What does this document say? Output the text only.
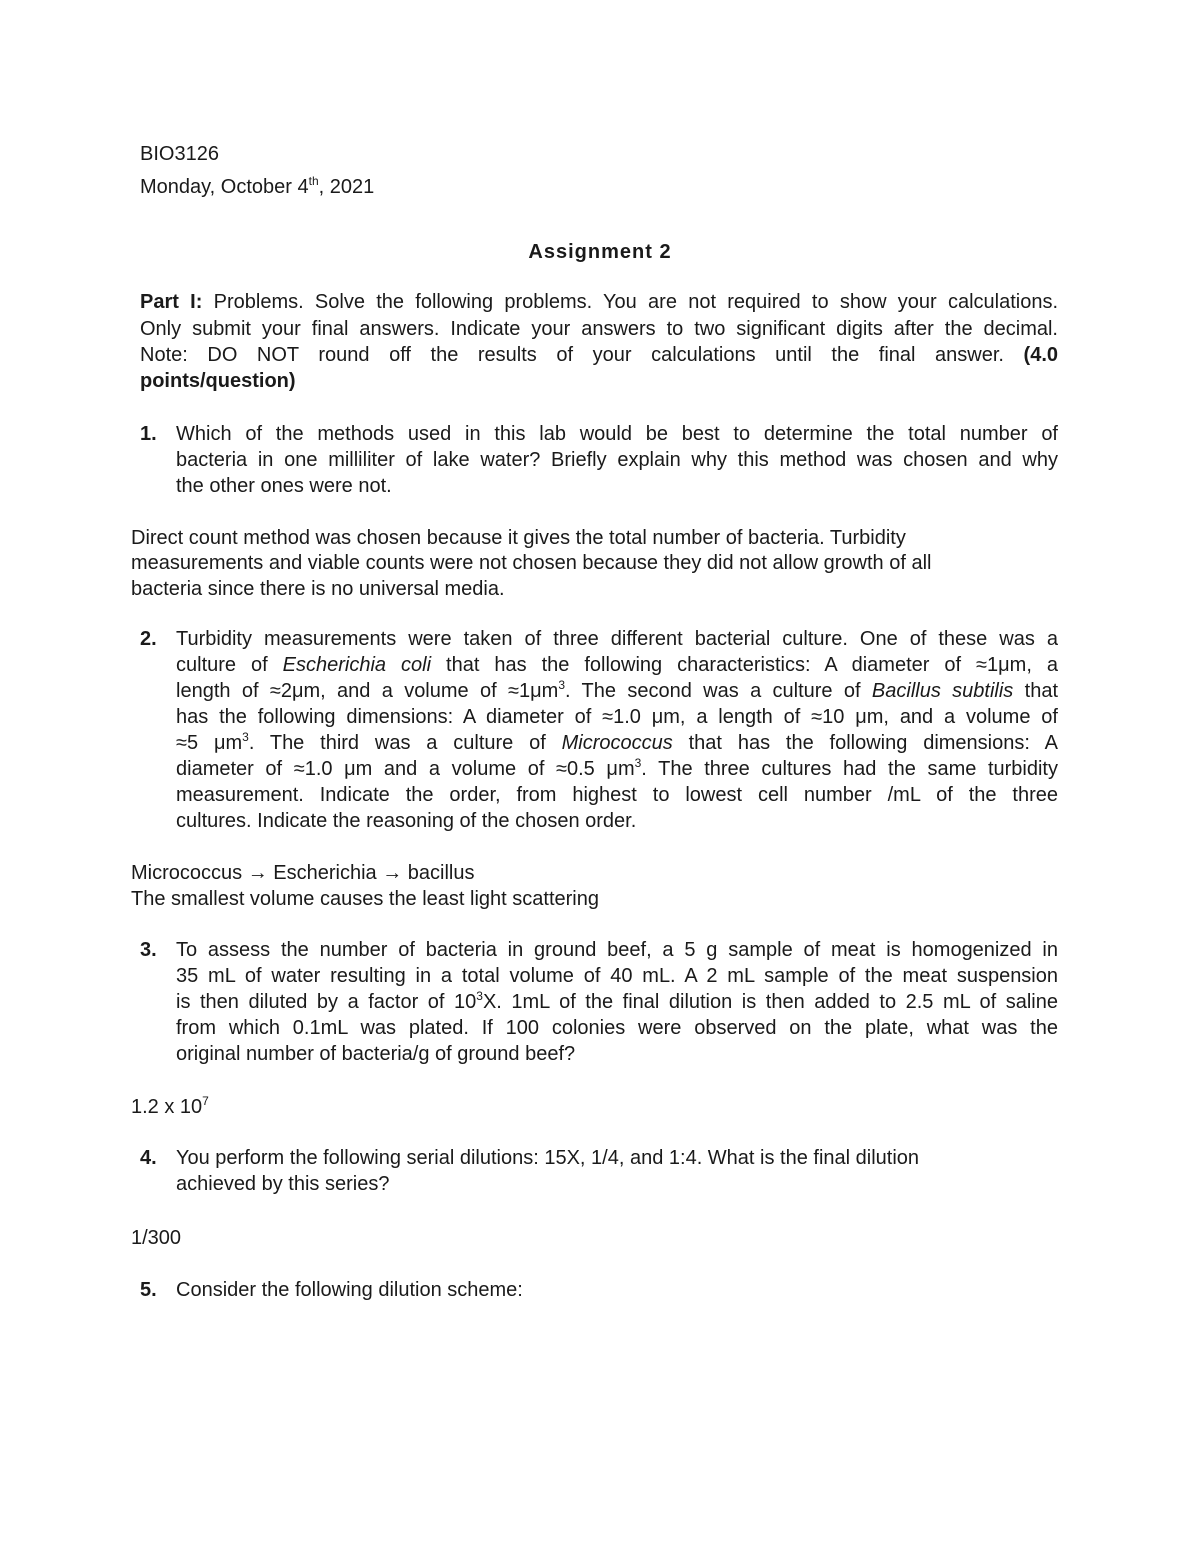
BIO3126
Monday, October 4th, 2021
Assignment 2
Part I: Problems. Solve the following problems. You are not required to show your calculations.
Only submit your final answers. Indicate your answers to two significant digits after the decimal.
Note: DO NOT round off the results of your calculations until the final answer. (4.0
points/question)
1. Which of the methods used in this lab would be best to determine the total number of
bacteria in one milliliter of lake water? Briefly explain why this method was chosen and why
the other ones were not.
Direct count method was chosen because it gives the total number of bacteria. Turbidity
measurements and viable counts were not chosen because they did not allow growth of all
bacteria since there is no universal media.
2. Turbidity measurements were taken of three different bacterial culture. One of these was a
culture of Escherichia coli that has the following characteristics: A diameter of ≈1μm, a
length of ≈2μm, and a volume of $\approx 1\mu m^3$. The second was a culture of Bacillus subtilis that
has the following dimensions: A diameter of ≈1.0 μm, a length of ≈10 μm, and a volume of
≈5 $\mu m^3$. The third was a culture of Micrococcus that has the following dimensions: A
diameter of ≈1.0 μm and a volume of ≈0.5 $\mu m^3$. The three cultures had the same turbidity
measurement. Indicate the order, from highest to lowest cell number /mL of the three
cultures. Indicate the reasoning of the chosen order.
Micrococcus → Escherichia → bacillus
The smallest volume causes the least light scattering
3. To assess the number of bacteria in ground beef, a 5 g sample of meat is homogenized in
35 mL of water resulting in a total volume of 40 mL. A 2 mL sample of the meat suspension
is then diluted by a factor of $10^3X$. 1mL of the final dilution is then added to 2.5 mL of saline
from which 0.1mL was plated. If 100 colonies were observed on the plate, what was the
original number of bacteria/g of ground beef?
1.2 x $10^7$
4. You perform the following serial dilutions: 15X, 1/4, and 1:4. What is the final dilution
achieved by this series?
1/300
5. Consider the following dilution scheme:
